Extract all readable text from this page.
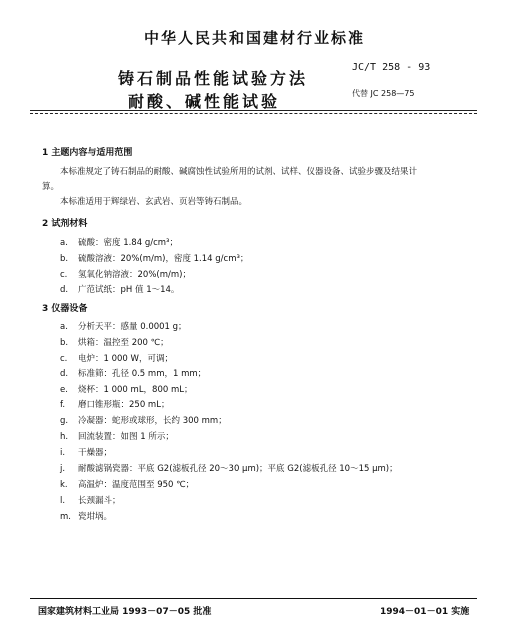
中华人民共和国建材行业标准
铸石制品性能试验方法
耐酸、碱性能试验
JC/T 258 - 93
代替 JC 258—75
1 主题内容与适用范围
本标准规定了铸石制品的耐酸、碱腐蚀性试验所用的试剂、试样、仪器设备、试验步骤及结果计
算。
本标准适用于辉绿岩、玄武岩、页岩等铸石制品。
2 试剂材料
a. 硫酸：密度 1.84 g/cm³；
b. 硫酸溶液：20%(m/m)，密度 1.14 g/cm³；
c. 氢氧化钠溶液：20%(m/m)；
d. 广范试纸：pH 值 1～14。
3 仪器设备
a. 分析天平：感量 0.0001 g；
b. 烘箱：温控至 200 ℃；
c. 电炉：1 000 W，可调；
d. 标准筛：孔径 0.5 mm，1 mm；
e. 烧杯：1 000 mL，800 mL；
f. 磨口锥形瓶：250 mL；
g. 冷凝器：蛇形或球形，长约 300 mm；
h. 回流装置：如图 1 所示；
i. 干燥器；
j. 耐酸滤锅瓷器：平底 G2(滤板孔径 20～30 μm)；平底 G2(滤板孔径 10～15 μm)；
k. 高温炉：温度范围至 950 ℃；
l. 长颈漏斗；
m. 瓷坩埚。
国家建筑材料工业局 1993－07－05 批准	1994－01－01 实施
